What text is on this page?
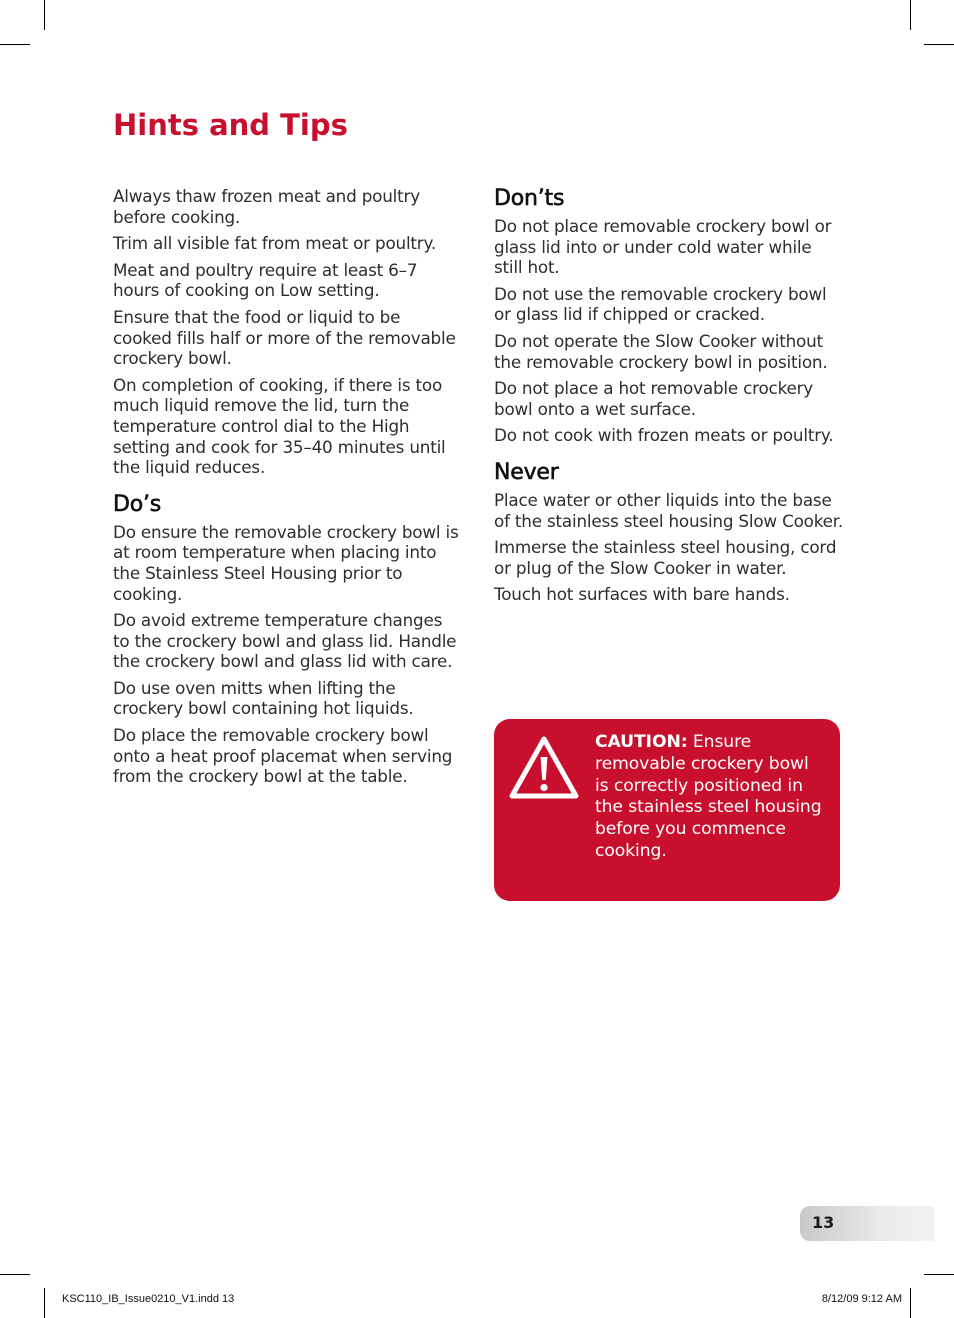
Hints and Tips

Always thaw frozen meat and poultry before cooking.

Trim all visible fat from meat or poultry.

Meat and poultry require at least 6–7 hours of cooking on Low setting.

Ensure that the food or liquid to be cooked fills half or more of the removable crockery bowl.

On completion of cooking, if there is too much liquid remove the lid, turn the temperature control dial to the High setting and cook for 35–40 minutes until the liquid reduces.

Do’s

Do ensure the removable crockery bowl is at room temperature when placing into the Stainless Steel Housing prior to cooking.

Do avoid extreme temperature changes to the crockery bowl and glass lid. Handle the crockery bowl and glass lid with care.

Do use oven mitts when lifting the crockery bowl containing hot liquids.

Do place the removable crockery bowl onto a heat proof placemat when serving from the crockery bowl at the table.

Don’ts

Do not place removable crockery bowl or glass lid into or under cold water while still hot.

Do not use the removable crockery bowl or glass lid if chipped or cracked.

Do not operate the Slow Cooker without the removable crockery bowl in position.

Do not place a hot removable crockery bowl onto a wet surface.

Do not cook with frozen meats or poultry.

Never

Place water or other liquids into the base of the stainless steel housing Slow Cooker.

Immerse the stainless steel housing, cord or plug of the Slow Cooker in water.

Touch hot surfaces with bare hands.

CAUTION: Ensure removable crockery bowl is correctly positioned in the stainless steel housing before you commence cooking.
13
KSC110_IB_Issue0210_V1.indd 13	8/12/09 9:12 AM
